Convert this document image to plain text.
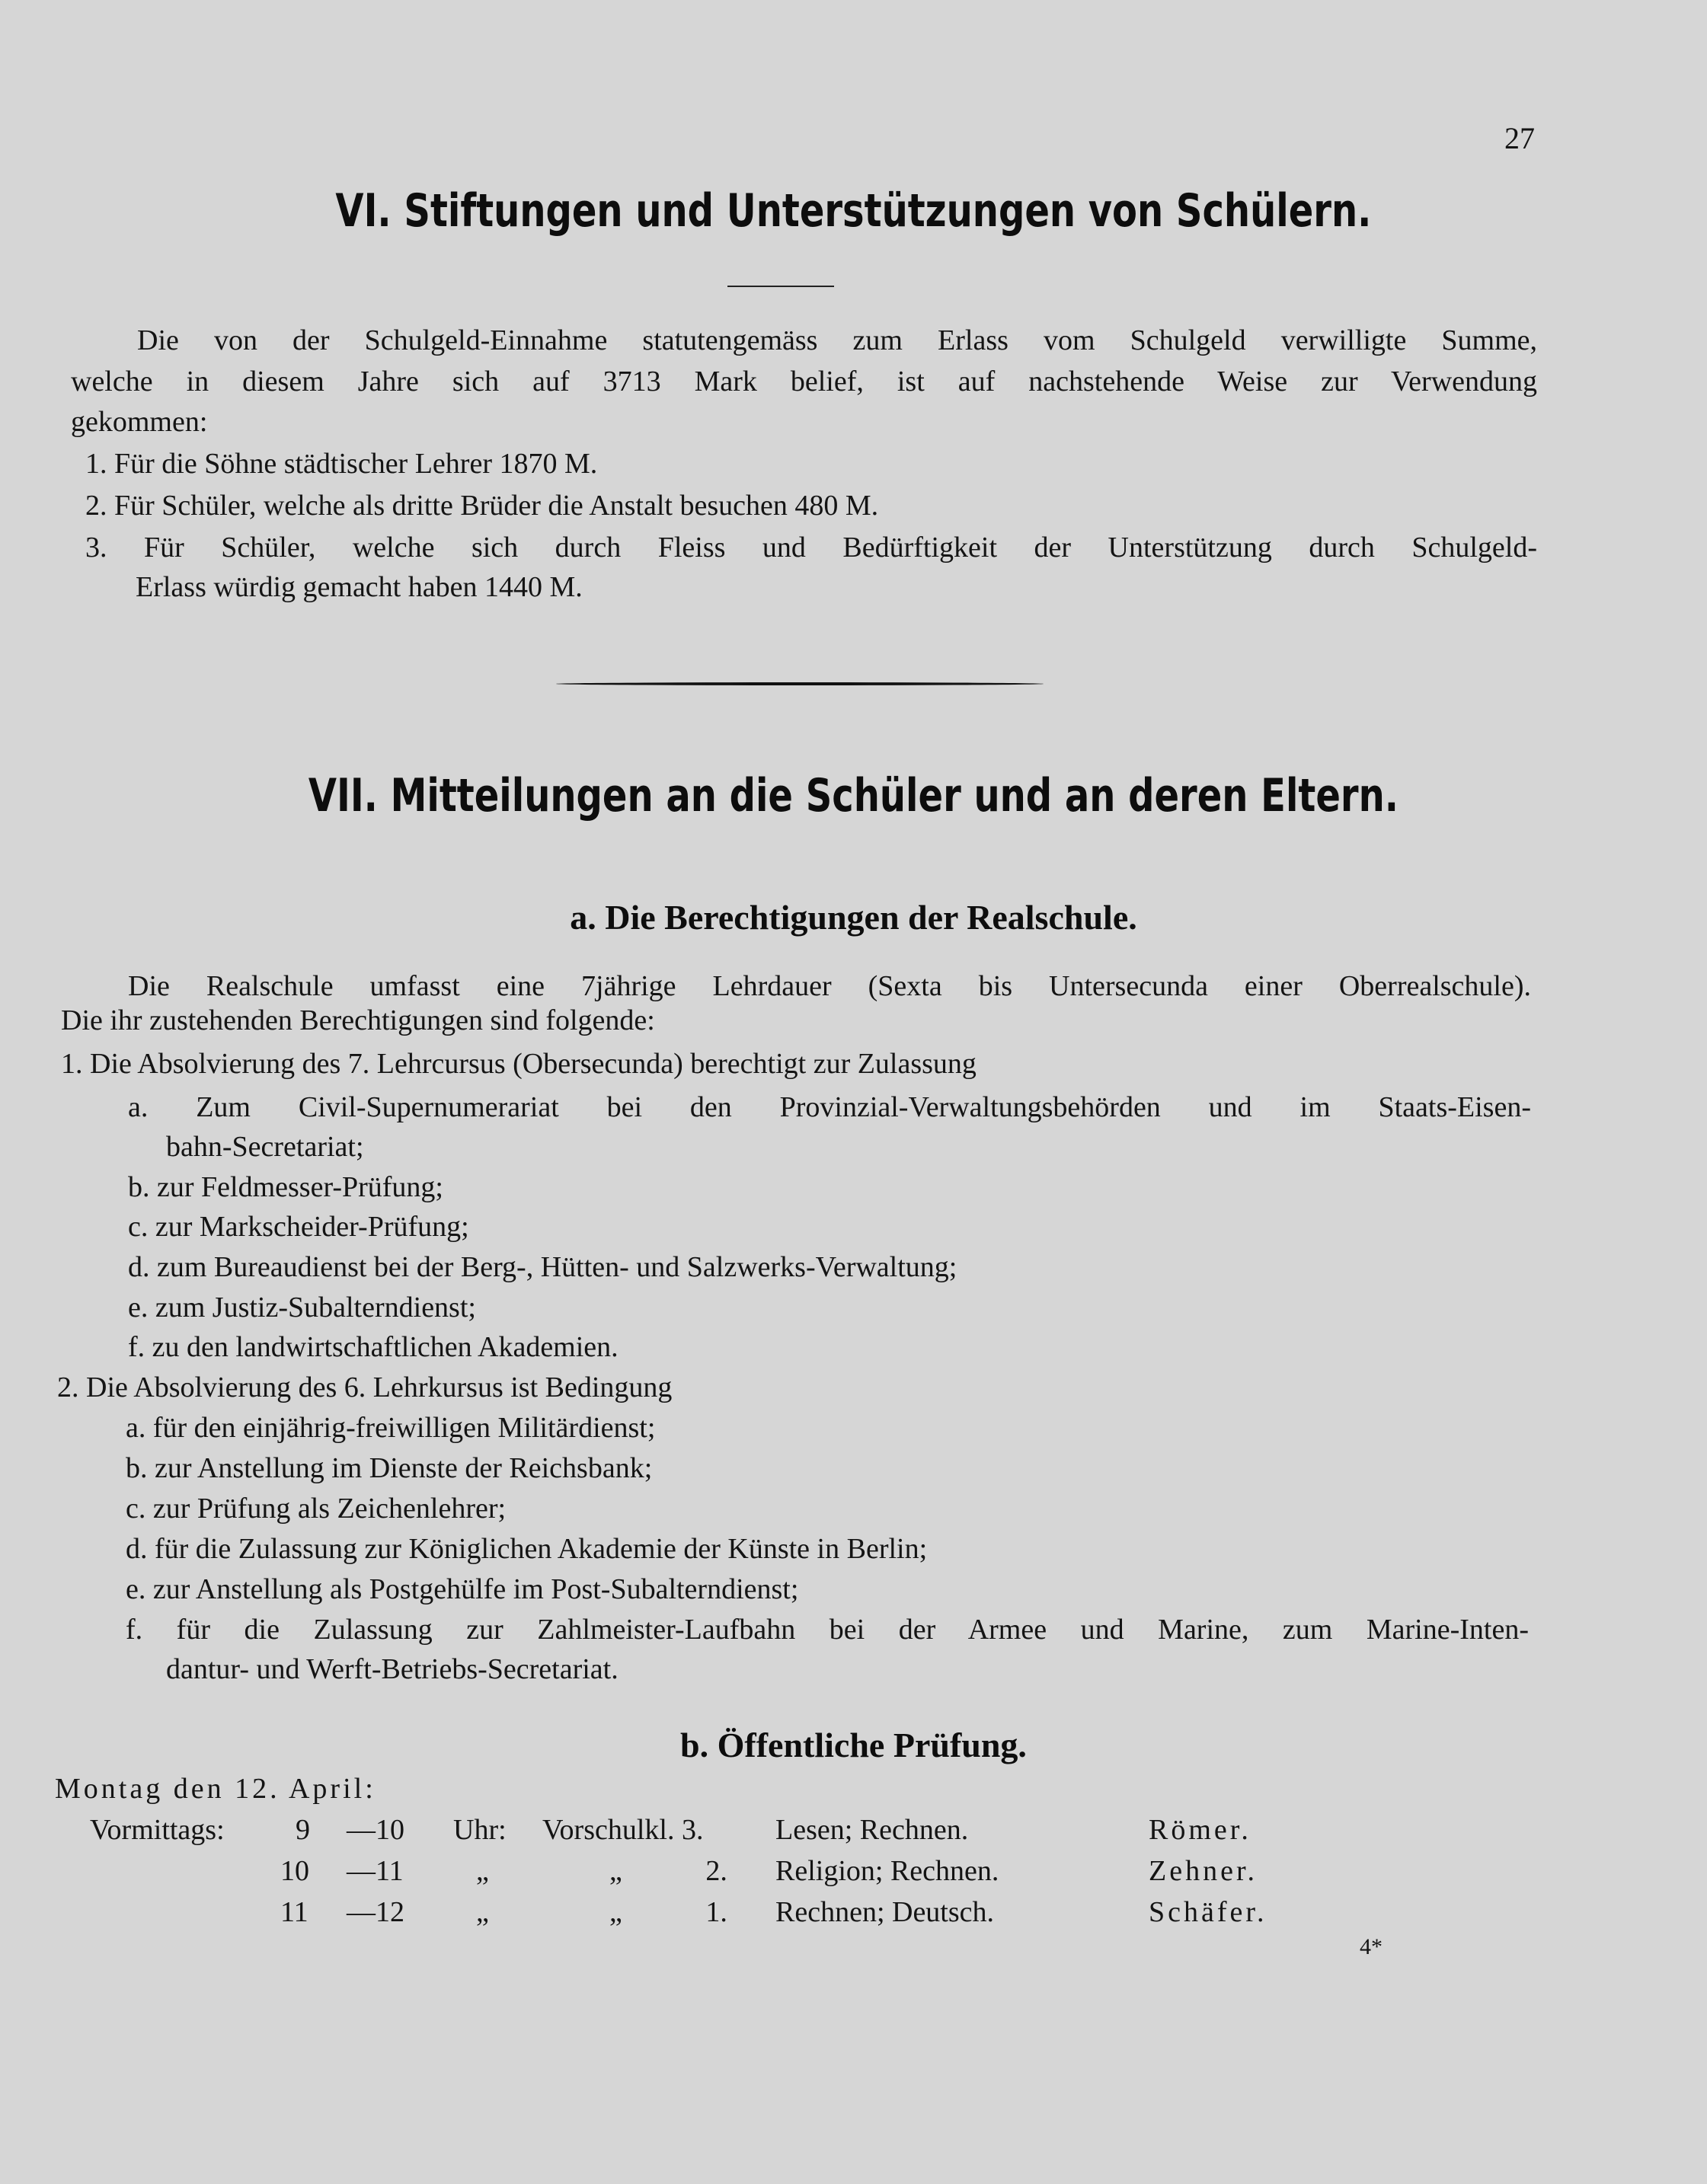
27
VI. Stiftungen und Unterstützungen von Schülern.
Die von der Schulgeld-Einnahme statutengemäss zum Erlass vom Schulgeld verwilligte Summe,
welche in diesem Jahre sich auf 3713 Mark belief, ist auf nachstehende Weise zur Verwendung
gekommen:
1. Für die Söhne städtischer Lehrer 1870 M.
2. Für Schüler, welche als dritte Brüder die Anstalt besuchen 480 M.
3. Für Schüler, welche sich durch Fleiss und Bedürftigkeit der Unterstützung durch Schulgeld-
Erlass würdig gemacht haben 1440 M.
VII. Mitteilungen an die Schüler und an deren Eltern.
a. Die Berechtigungen der Realschule.
Die Realschule umfasst eine 7jährige Lehrdauer (Sexta bis Untersecunda einer Oberrealschule).
Die ihr zustehenden Berechtigungen sind folgende:
1. Die Absolvierung des 7. Lehrcursus (Obersecunda) berechtigt zur Zulassung
a. Zum Civil-Supernumerariat bei den Provinzial-Verwaltungsbehörden und im Staats-Eisen-
bahn-Secretariat;
b. zur Feldmesser-Prüfung;
c. zur Markscheider-Prüfung;
d. zum Bureaudienst bei der Berg-, Hütten- und Salzwerks-Verwaltung;
e. zum Justiz-Subalterndienst;
f. zu den landwirtschaftlichen Akademien.
2. Die Absolvierung des 6. Lehrkursus ist Bedingung
a. für den einjährig-freiwilligen Militärdienst;
b. zur Anstellung im Dienste der Reichsbank;
c. zur Prüfung als Zeichenlehrer;
d. für die Zulassung zur Königlichen Akademie der Künste in Berlin;
e. zur Anstellung als Postgehülfe im Post-Subalterndienst;
f. für die Zulassung zur Zahlmeister-Laufbahn bei der Armee und Marine, zum Marine-Inten-
dantur- und Werft-Betriebs-Secretariat.
b. Öffentliche Prüfung.
Montag den 12. April:
Vormittags: 9 —10 Uhr: Vorschulkl. 3. Lesen; Rechnen.	Römer.
10 —11	„	„ 2. Religion; Rechnen.	Zehner.
11 —12 „	„ 1. Rechnen; Deutsch.	Schäfer.
4*
